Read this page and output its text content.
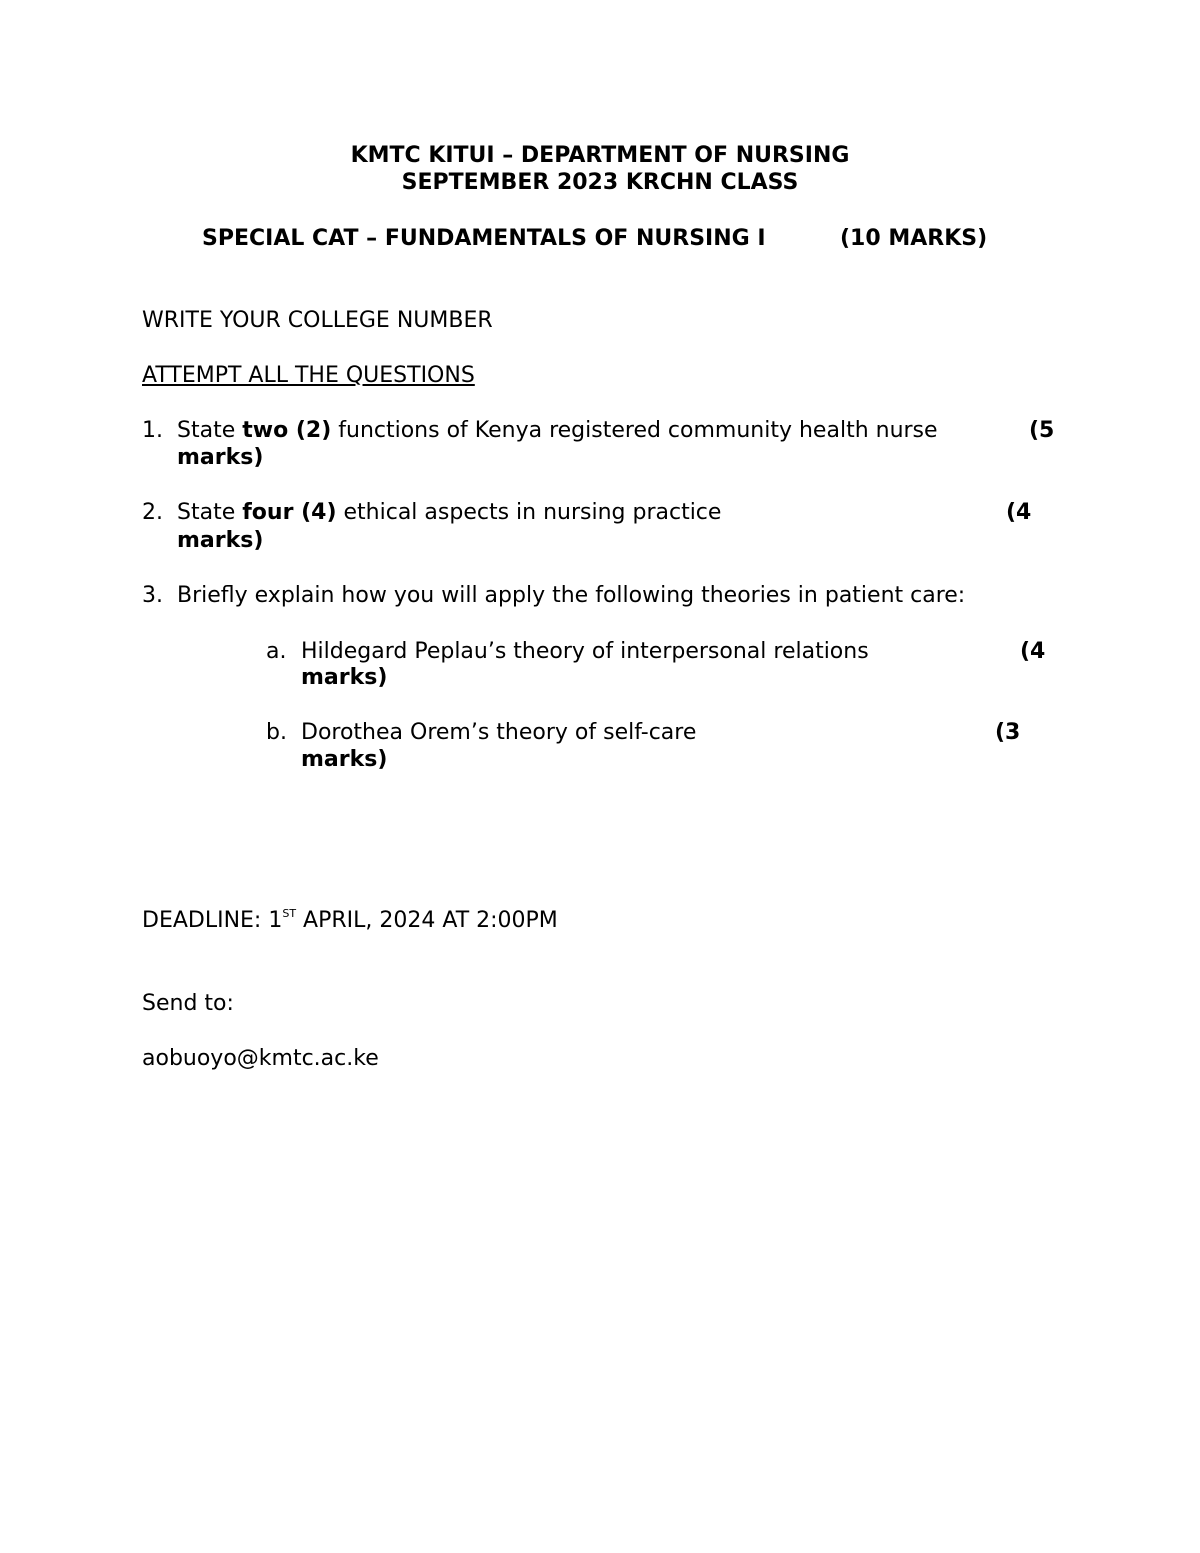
KMTC KITUI – DEPARTMENT OF NURSING
SEPTEMBER 2023 KRCHN CLASS
SPECIAL CAT – FUNDAMENTALS OF NURSING I	(10 MARKS)
WRITE YOUR COLLEGE NUMBER
ATTEMPT ALL THE QUESTIONS
1. State two (2) functions of Kenya registered community health nurse	(5
marks)
2. State four (4) ethical aspects in nursing practice	(4
marks)
3. Briefly explain how you will apply the following theories in patient care:
a. Hildegard Peplau’s theory of interpersonal relations	(4
marks)
b. Dorothea Orem’s theory of self-care	(3
marks)
DEADLINE: 1ST APRIL, 2024 AT 2:00PM
Send to:
aobuoyo@kmtc.ac.ke
